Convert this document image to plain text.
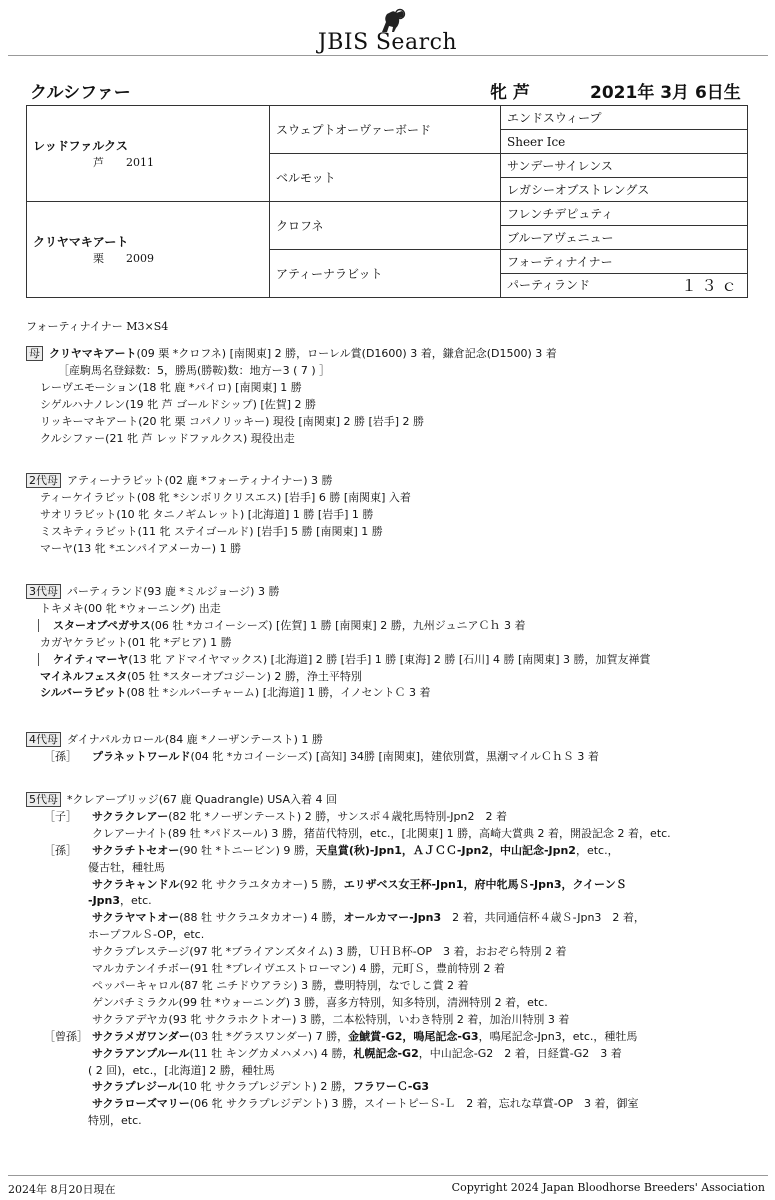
JBIS Search
クルシファー	牝 芦	2021年 3月 6日生
レッドファルクス
芦 2011	スウェプトオーヴァーボード	エンドスウィープ
		Sheer Ice
	ベルモット	サンデーサイレンス
		レガシーオブストレングス

クリヤマキアート
栗 2009	クロフネ	フレンチデピュティ
		ブルーアヴェニュー
	アティーナラビット	フォーティナイナー
		パーティランド １３ｃ
フォーティナイナー M3×S4
母 クリヤマキアート(09 栗 *クロフネ) [南関東] 2 勝，ローレル賞(D1600) 3 着，鎌倉記念(D1500) 3 着
［産駒馬名登録数：5，勝馬(勝鞍)数：地方ー3 ( 7 ) ］
レーヴエモーション(18 牝 鹿 *パイロ) [南関東] 1 勝
シゲルハナノレン(19 牝 芦 ゴールドシップ) [佐賀] 2 勝
リッキーマキアート(20 牝 栗 コパノリッキー) 現役 [南関東] 2 勝 [岩手] 2 勝
クルシファー(21 牝 芦 レッドファルクス) 現役出走
2代母 アティーナラビット(02 鹿 *フォーティナイナー) 3 勝
ティーケイラビット(08 牝 *シンボリクリスエス) [岩手] 6 勝 [南関東] 入着
サオリラビット(10 牝 タニノギムレット) [北海道] 1 勝 [岩手] 1 勝
ミスキティラビット(11 牝 ステイゴールド) [岩手] 5 勝 [南関東] 1 勝
マーヤ(13 牝 *エンパイアメーカー) 1 勝
3代母 パーティランド(93 鹿 *ミルジョージ) 3 勝
トキメキ(00 牝 *ウォーニング) 出走
スターオブペガサス(06 牡 *カコイーシーズ) [佐賀] 1 勝 [南関東] 2 勝，九州ジュニアＣｈ 3 着
カガヤケラビット(01 牝 *デヒア) 1 勝
ケイティマーヤ(13 牝 アドマイヤマックス) [北海道] 2 勝 [岩手] 1 勝 [東海] 2 勝 [石川] 4 勝 [南関東] 3 勝，加賀友禅賞
マイネルフェスタ(05 牡 *スターオブコジーン) 2 勝，浄土平特別
シルバーラビット(08 牡 *シルバーチャーム) [北海道] 1 勝，イノセントＣ 3 着
4代母 ダイナパルカロール(84 鹿 *ノーザンテースト) 1 勝
［孫］ プラネットワールド(04 牝 *カコイーシーズ) [高知] 34勝 [南関東]，建依別賞，黒潮マイルＣｈＳ 3 着
5代母 *クレアーブリッジ(67 鹿 Quadrangle) USA入着 4 回
［子］ サクラクレアー(82 牝 *ノーザンテースト) 2 勝，サンスポ４歳牝馬特別-Jpn2　2 着
クレアーナイト(89 牡 *パドスール) 3 勝，猪苗代特別，etc.，[北関東] 1 勝，高崎大賞典 2 着，開設記念 2 着，etc.
［孫］ サクラチトセオー(90 牡 *トニービン) 9 勝，天皇賞(秋)-Jpn1，ＡＪＣＣ-Jpn2，中山記念-Jpn2，etc.，
優古牡，種牡馬
サクラキャンドル(92 牝 サクラユタカオー) 5 勝，エリザベス女王杯-Jpn1，府中牝馬Ｓ-Jpn3，クイーンＳ
-Jpn3，etc.
サクラヤマトオー(88 牡 サクラユタカオー) 4 勝，オールカマー-Jpn3　2 着，共同通信杯４歳Ｓ-Jpn3　2 着，
ホープフルＳ-OP，etc.
サクラプレステージ(97 牝 *ブライアンズタイム) 3 勝，ＵＨＢ杯-OP　3 着，おおぞら特別 2 着
マルカテンイチボー(91 牡 *プレイヴエストローマン) 4 勝，元町Ｓ，豊前特別 2 着
ペッパーキャロル(87 牝 ニチドウアラシ) 3 勝，豊明特別，なでしこ賞 2 着
ゲンパチミラクル(99 牡 *ウォーニング) 3 勝，喜多方特別，知多特別，清洲特別 2 着，etc.
サクラアデヤカ(93 牝 サクラホクトオー) 3 勝，二本松特別，いわき特別 2 着，加治川特別 3 着
［曾孫］ サクラメガワンダー(03 牡 *グラスワンダー) 7 勝，金鯱賞-G2，鳴尾記念-G3，鳴尾記念-Jpn3，etc.，種牡馬
サクラアンプルール(11 牡 キングカメハメハ) 4 勝，札幌記念-G2，中山記念-G2　2 着，日経賞-G2　3 着
( 2 回)，etc.，[北海道] 2 勝，種牡馬
サクラプレジール(10 牝 サクラプレジデント) 2 勝，フラワーＣ-G3
サクラローズマリー(06 牝 サクラプレジデント) 3 勝，スイートピーＳ-Ｌ　2 着，忘れな草賞-OP　3 着，御室
特別，etc.
2024年 8月20日現在	Copyright 2024 Japan Bloodhorse Breeders' Association
